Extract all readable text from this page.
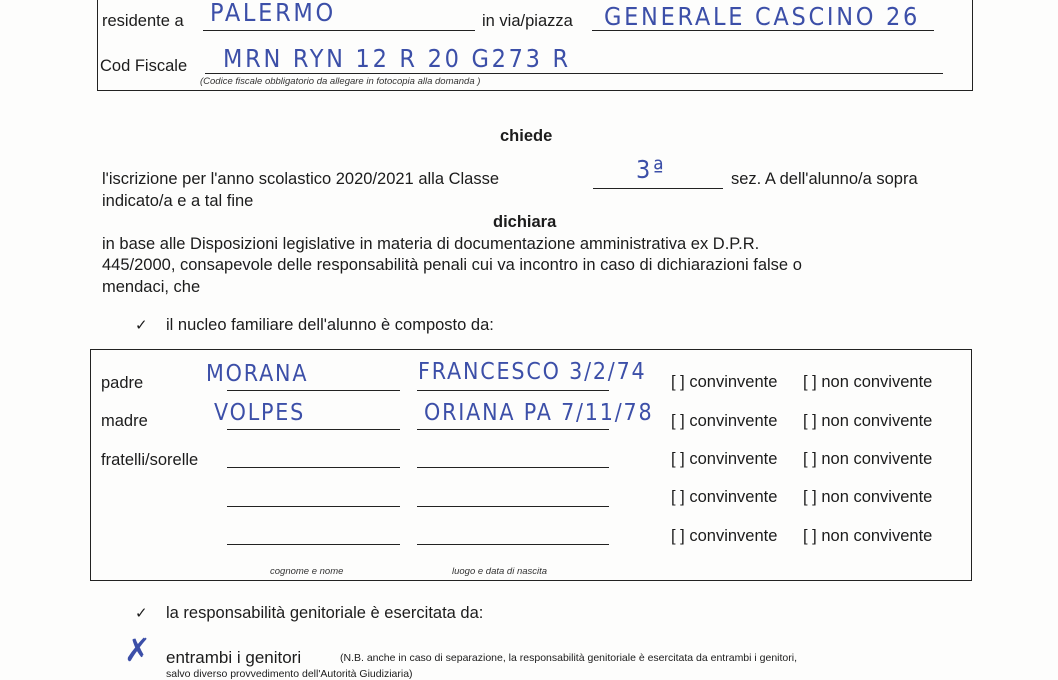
residente a PALERMO	in via/piazza GENERALE CASCINO 26
Cod Fiscale MRN RYN 12 R 20 G273 R
(Codice fiscale obbligatorio da allegare in fotocopia alla domanda )
chiede
l'iscrizione per l'anno scolastico 2020/2021 alla Classe	3ª	sez. A dell'alunno/a sopra
indicato/a e a tal fine
dichiara
in base alle Disposizioni legislative in materia di documentazione amministrativa ex D.P.R.
445/2000, consapevole delle responsabilità penali cui va incontro in caso di dichiarazioni false o
mendaci, che
✓ il nucleo familiare dell'alunno è composto da:
padre	MORANA	FRANCESCO 3/2/74 [ ] convinvente [ ] non convivente
madre	VOLPES	ORIANA PA 7/11/78 [ ] convinvente [ ] non convivente
fratelli/sorelle	[ ] convinvente [ ] non convivente
[ ] convinvente [ ] non convivente
[ ] convinvente [ ] non convivente
cognome e nome	luogo e data di nascita
✓ la responsabilità genitoriale è esercitata da:
✗ entrambi i genitori	(N.B. anche in caso di separazione, la responsabilità genitoriale è esercitata da entrambi i genitori,
salvo diverso provvedimento dell'Autorità Giudiziaria)
